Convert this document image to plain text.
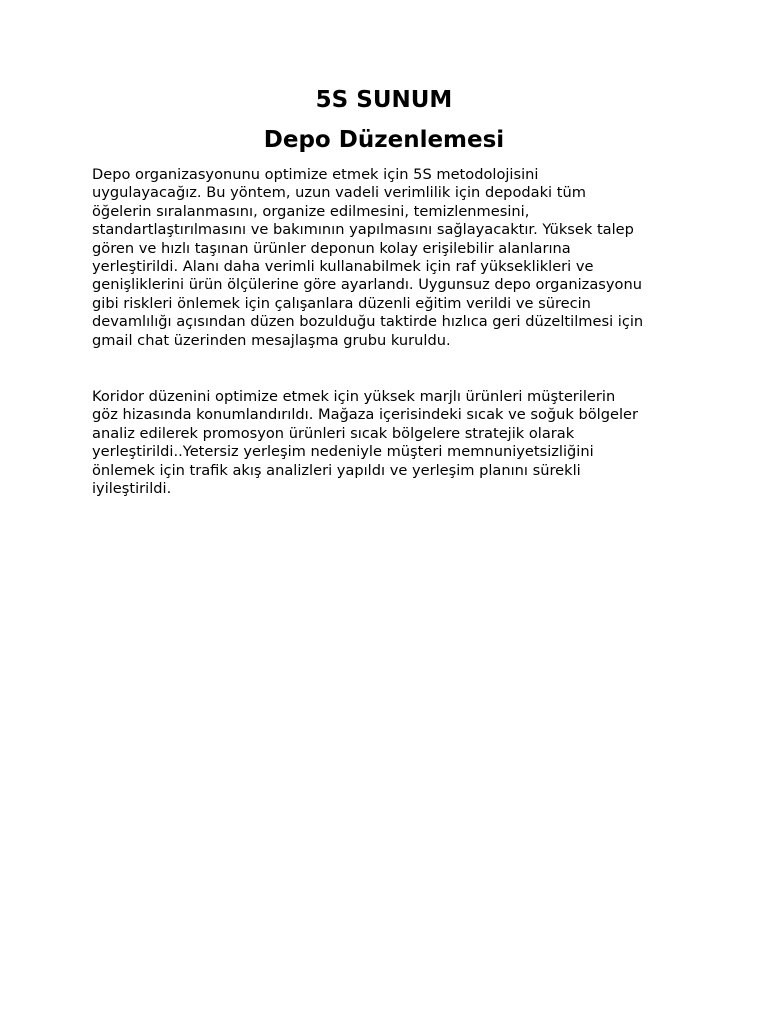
5S SUNUM
Depo Düzenlemesi

Depo organizasyonunu optimize etmek için 5S metodolojisini
uygulayacağız. Bu yöntem, uzun vadeli verimlilik için depodaki tüm
öğelerin sıralanmasını, organize edilmesini, temizlenmesini,
standartlaştırılmasını ve bakımının yapılmasını sağlayacaktır. Yüksek talep
gören ve hızlı taşınan ürünler deponun kolay erişilebilir alanlarına
yerleştirildi. Alanı daha verimli kullanabilmek için raf yükseklikleri ve
genişliklerini ürün ölçülerine göre ayarlandı. Uygunsuz depo organizasyonu
gibi riskleri önlemek için çalışanlara düzenli eğitim verildi ve sürecin
devamlılığı açısından düzen bozulduğu taktirde hızlıca geri düzeltilmesi için
gmail chat üzerinden mesajlaşma grubu kuruldu.

Koridor düzenini optimize etmek için yüksek marjlı ürünleri müşterilerin
göz hizasında konumlandırıldı. Mağaza içerisindeki sıcak ve soğuk bölgeler
analiz edilerek promosyon ürünleri sıcak bölgelere stratejik olarak
yerleştirildi..Yetersiz yerleşim nedeniyle müşteri memnuniyetsizliğini
önlemek için trafik akış analizleri yapıldı ve yerleşim planını sürekli
iyileştirildi.
